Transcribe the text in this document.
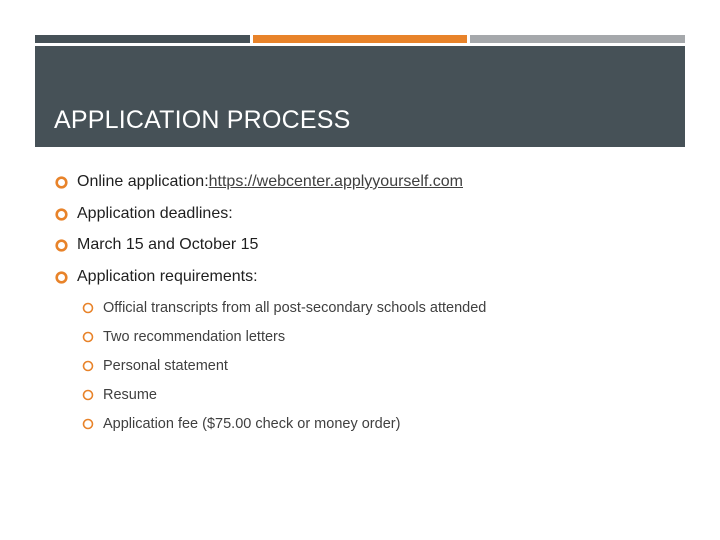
APPLICATION PROCESS
Online application: https://webcenter.applyyourself.com
Application deadlines:
March 15 and October 15
Application requirements:
Official transcripts from all post-secondary schools attended
Two recommendation letters
Personal statement
Resume
Application fee ($75.00 check or money order)
